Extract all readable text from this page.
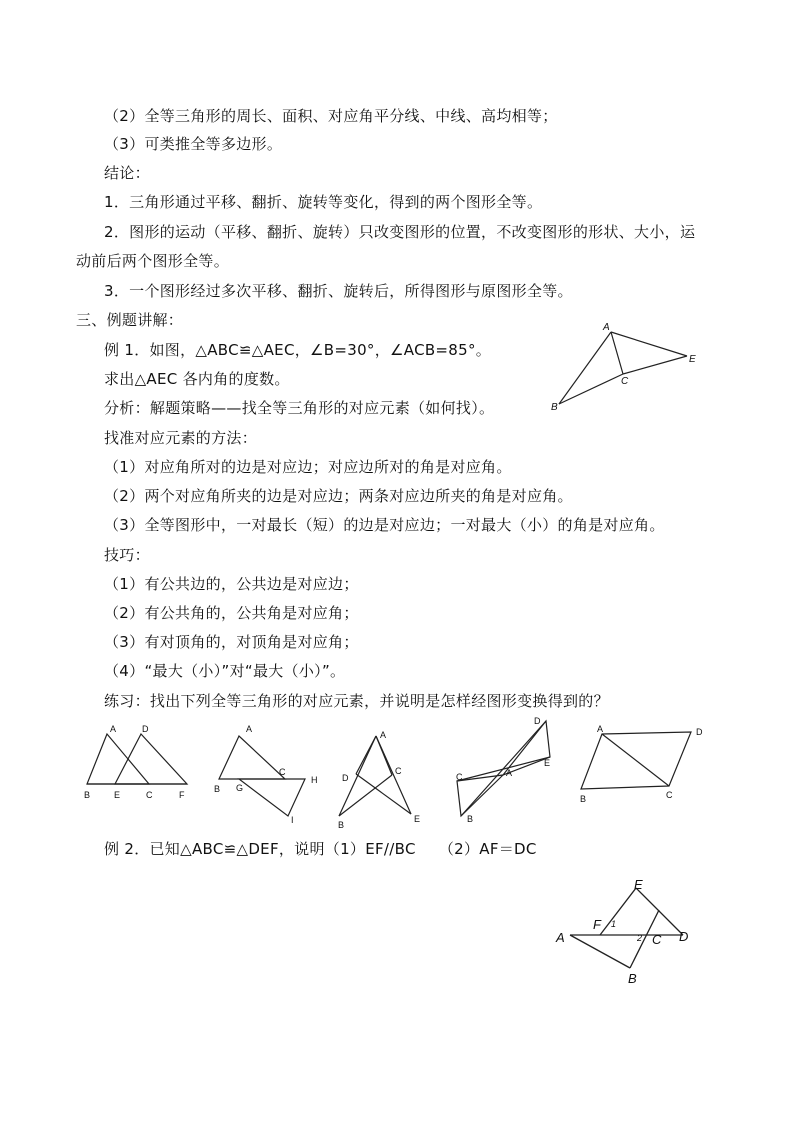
（2）全等三角形的周长、面积、对应角平分线、中线、高均相等；
（3）可类推全等多边形。
结论：
1．三角形通过平移、翻折、旋转等变化，得到的两个图形全等。
2．图形的运动（平移、翻折、旋转）只改变图形的位置，不改变图形的形状、大小，运
动前后两个图形全等。
3．一个图形经过多次平移、翻折、旋转后，所得图形与原图形全等。
三、例题讲解：
例 1．如图，△ABC≌△AEC，∠B=30°，∠ACB=85°。
求出△AEC 各内角的度数。
分析：解题策略——找全等三角形的对应元素（如何找）。
找准对应元素的方法：
（1）对应角所对的边是对应边；对应边所对的角是对应角。
（2）两个对应角所夹的边是对应边；两条对应边所夹的角是对应角。
（3）全等图形中，一对最长（短）的边是对应边；一对最大（小）的角是对应角。
技巧：
（1）有公共边的，公共边是对应边；
（2）有公共角的，公共角是对应角；
（3）有对顶角的，对顶角是对应角；
（4）“最大（小）”对“最大（小）”。
练习：找出下列全等三角形的对应元素，并说明是怎样经图形变换得到的？
例 2．已知△ABC≌△DEF，说明（1）EF//BC　　（2）AF＝DC
A
E
C
B
A	D
B	E	C	F
A
C
H
B G
I
A
D
C
B
E
D
E
C	A
B
A	D
B	C
E
F 1
A	2 C D
B
